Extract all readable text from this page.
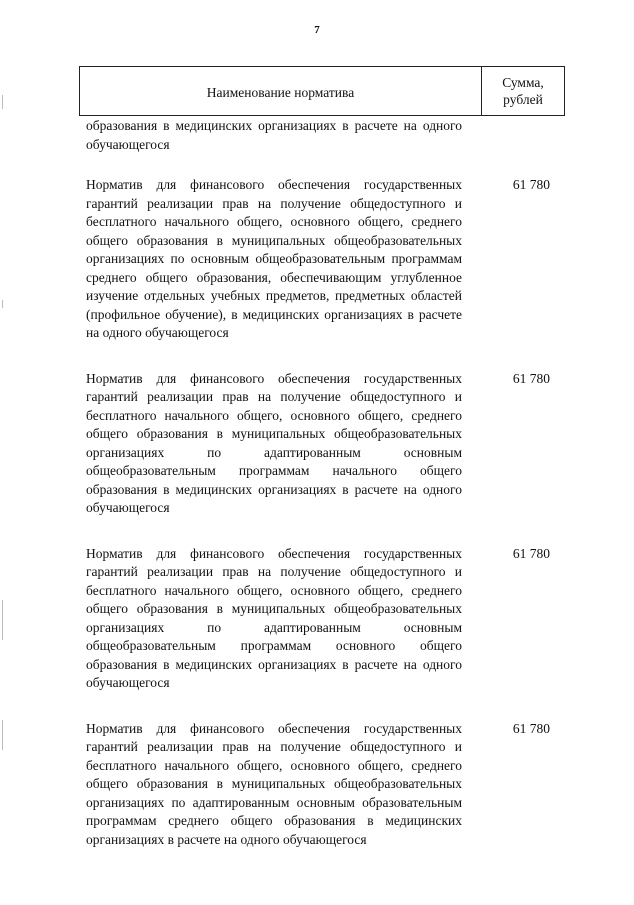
7
Наименование норматива
Сумма,
рублей
образования в медицинских организациях в расчете на одного обучающегося
Норматив для финансового обеспечения государственных гарантий реализации прав на получение общедоступного и бесплатного начального общего, основного общего, среднего общего образования в муниципальных общеобразовательных организациях по основным общеобразовательным программам среднего общего образования, обеспечивающим углубленное изучение отдельных учебных предметов, предметных областей (профильное обучение), в медицинских организациях в расчете на одного обучающегося
61 780
Норматив для финансового обеспечения государственных гарантий реализации прав на получение общедоступного и бесплатного начального общего, основного общего, среднего общего образования в муниципальных общеобразовательных организациях по адаптированным основным общеобразовательным программам начального общего образования в медицинских организациях в расчете на одного обучающегося
61 780
Норматив для финансового обеспечения государственных гарантий реализации прав на получение общедоступного и бесплатного начального общего, основного общего, среднего общего образования в муниципальных общеобразовательных организациях по адаптированным основным общеобразовательным программам основного общего образования в медицинских организациях в расчете на одного обучающегося
61 780
Норматив для финансового обеспечения государственных гарантий реализации прав на получение общедоступного и бесплатного начального общего, основного общего, среднего общего образования в муниципальных общеобразовательных организациях по адаптированным основным образовательным программам среднего общего образования в медицинских организациях в расчете на одного обучающегося
61 780
